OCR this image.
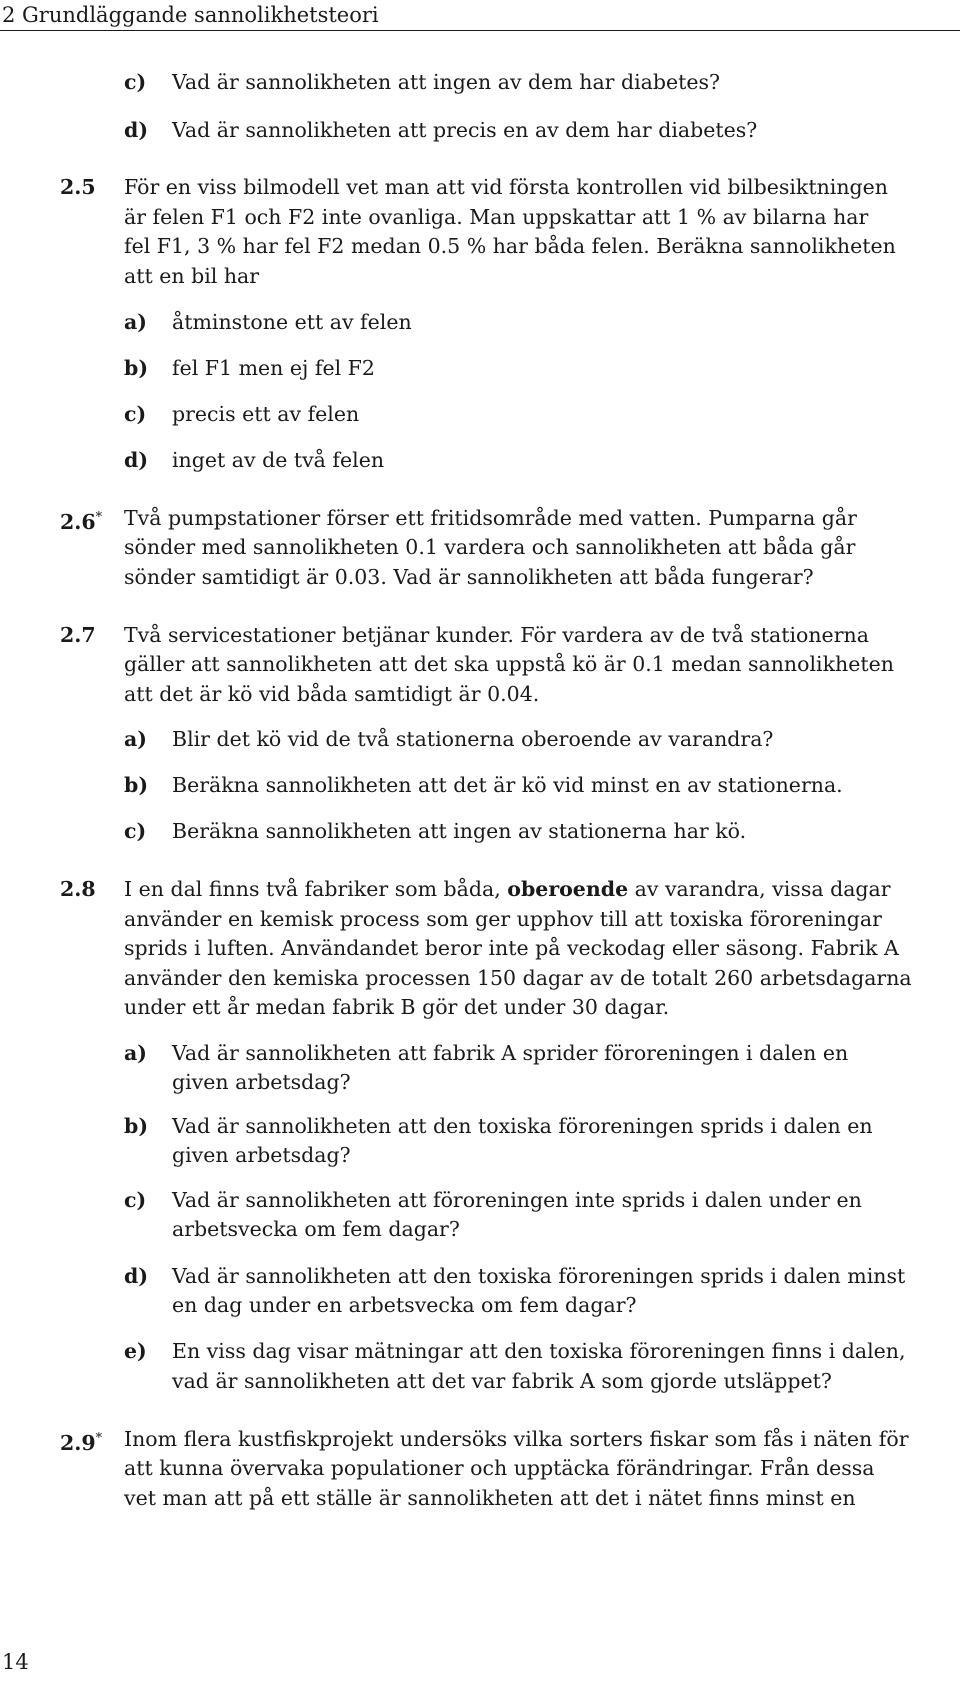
2 Grundläggande sannolikhetsteori
c) Vad är sannolikheten att ingen av dem har diabetes?
d) Vad är sannolikheten att precis en av dem har diabetes?
2.5 För en viss bilmodell vet man att vid första kontrollen vid bilbesiktningen
är felen F1 och F2 inte ovanliga. Man uppskattar att 1 % av bilarna har
fel F1, 3 % har fel F2 medan 0.5 % har båda felen. Beräkna sannolikheten
att en bil har
a) åtminstone ett av felen
b) fel F1 men ej fel F2
c) precis ett av felen
d) inget av de två felen
2.6* Två pumpstationer förser ett fritidsområde med vatten. Pumparna går
sönder med sannolikheten 0.1 vardera och sannolikheten att båda går
sönder samtidigt är 0.03. Vad är sannolikheten att båda fungerar?
2.7 Två servicestationer betjänar kunder. För vardera av de två stationerna
gäller att sannolikheten att det ska uppstå kö är 0.1 medan sannolikheten
att det är kö vid båda samtidigt är 0.04.
a) Blir det kö vid de två stationerna oberoende av varandra?
b) Beräkna sannolikheten att det är kö vid minst en av stationerna.
c) Beräkna sannolikheten att ingen av stationerna har kö.
2.8 I en dal finns två fabriker som båda, oberoende av varandra, vissa dagar
använder en kemisk process som ger upphov till att toxiska föroreningar
sprids i luften. Användandet beror inte på veckodag eller säsong. Fabrik A
använder den kemiska processen 150 dagar av de totalt 260 arbetsdagarna
under ett år medan fabrik B gör det under 30 dagar.
a) Vad är sannolikheten att fabrik A sprider föroreningen i dalen en
given arbetsdag?
b) Vad är sannolikheten att den toxiska föroreningen sprids i dalen en
given arbetsdag?
c) Vad är sannolikheten att föroreningen inte sprids i dalen under en
arbetsvecka om fem dagar?
d) Vad är sannolikheten att den toxiska föroreningen sprids i dalen minst
en dag under en arbetsvecka om fem dagar?
e) En viss dag visar mätningar att den toxiska föroreningen finns i dalen,
vad är sannolikheten att det var fabrik A som gjorde utsläppet?
2.9* Inom flera kustfiskprojekt undersöks vilka sorters fiskar som fås i näten för
att kunna övervaka populationer och upptäcka förändringar. Från dessa
vet man att på ett ställe är sannolikheten att det i nätet finns minst en
14
